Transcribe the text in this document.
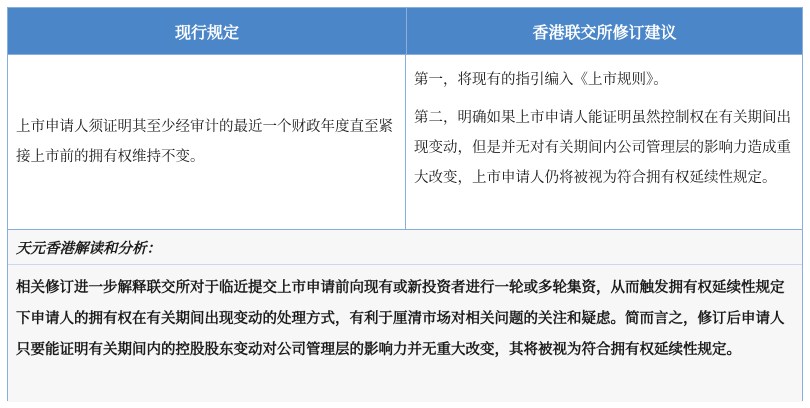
现行规定	香港联交所修订建议
上市申请人须证明其至少经审计的最近一个财政年度直至紧接上市前的拥有权维持不变。

第一，将现有的指引编入《上市规则》。

第二，明确如果上市申请人能证明虽然控制权在有关期间出现变动，但是并无对有关期间内公司管理层的影响力造成重大改变，上市申请人仍将被视为符合拥有权延续性规定。

天元香港解读和分析：

相关修订进一步解释联交所对于临近提交上市申请前向现有或新投资者进行一轮或多轮集资，从而触发拥有权延续性规定下申请人的拥有权在有关期间出现变动的处理方式，有利于厘清市场对相关问题的关注和疑虑。简而言之，修订后申请人只要能证明有关期间内的控股股东变动对公司管理层的影响力并无重大改变，其将被视为符合拥有权延续性规定。
